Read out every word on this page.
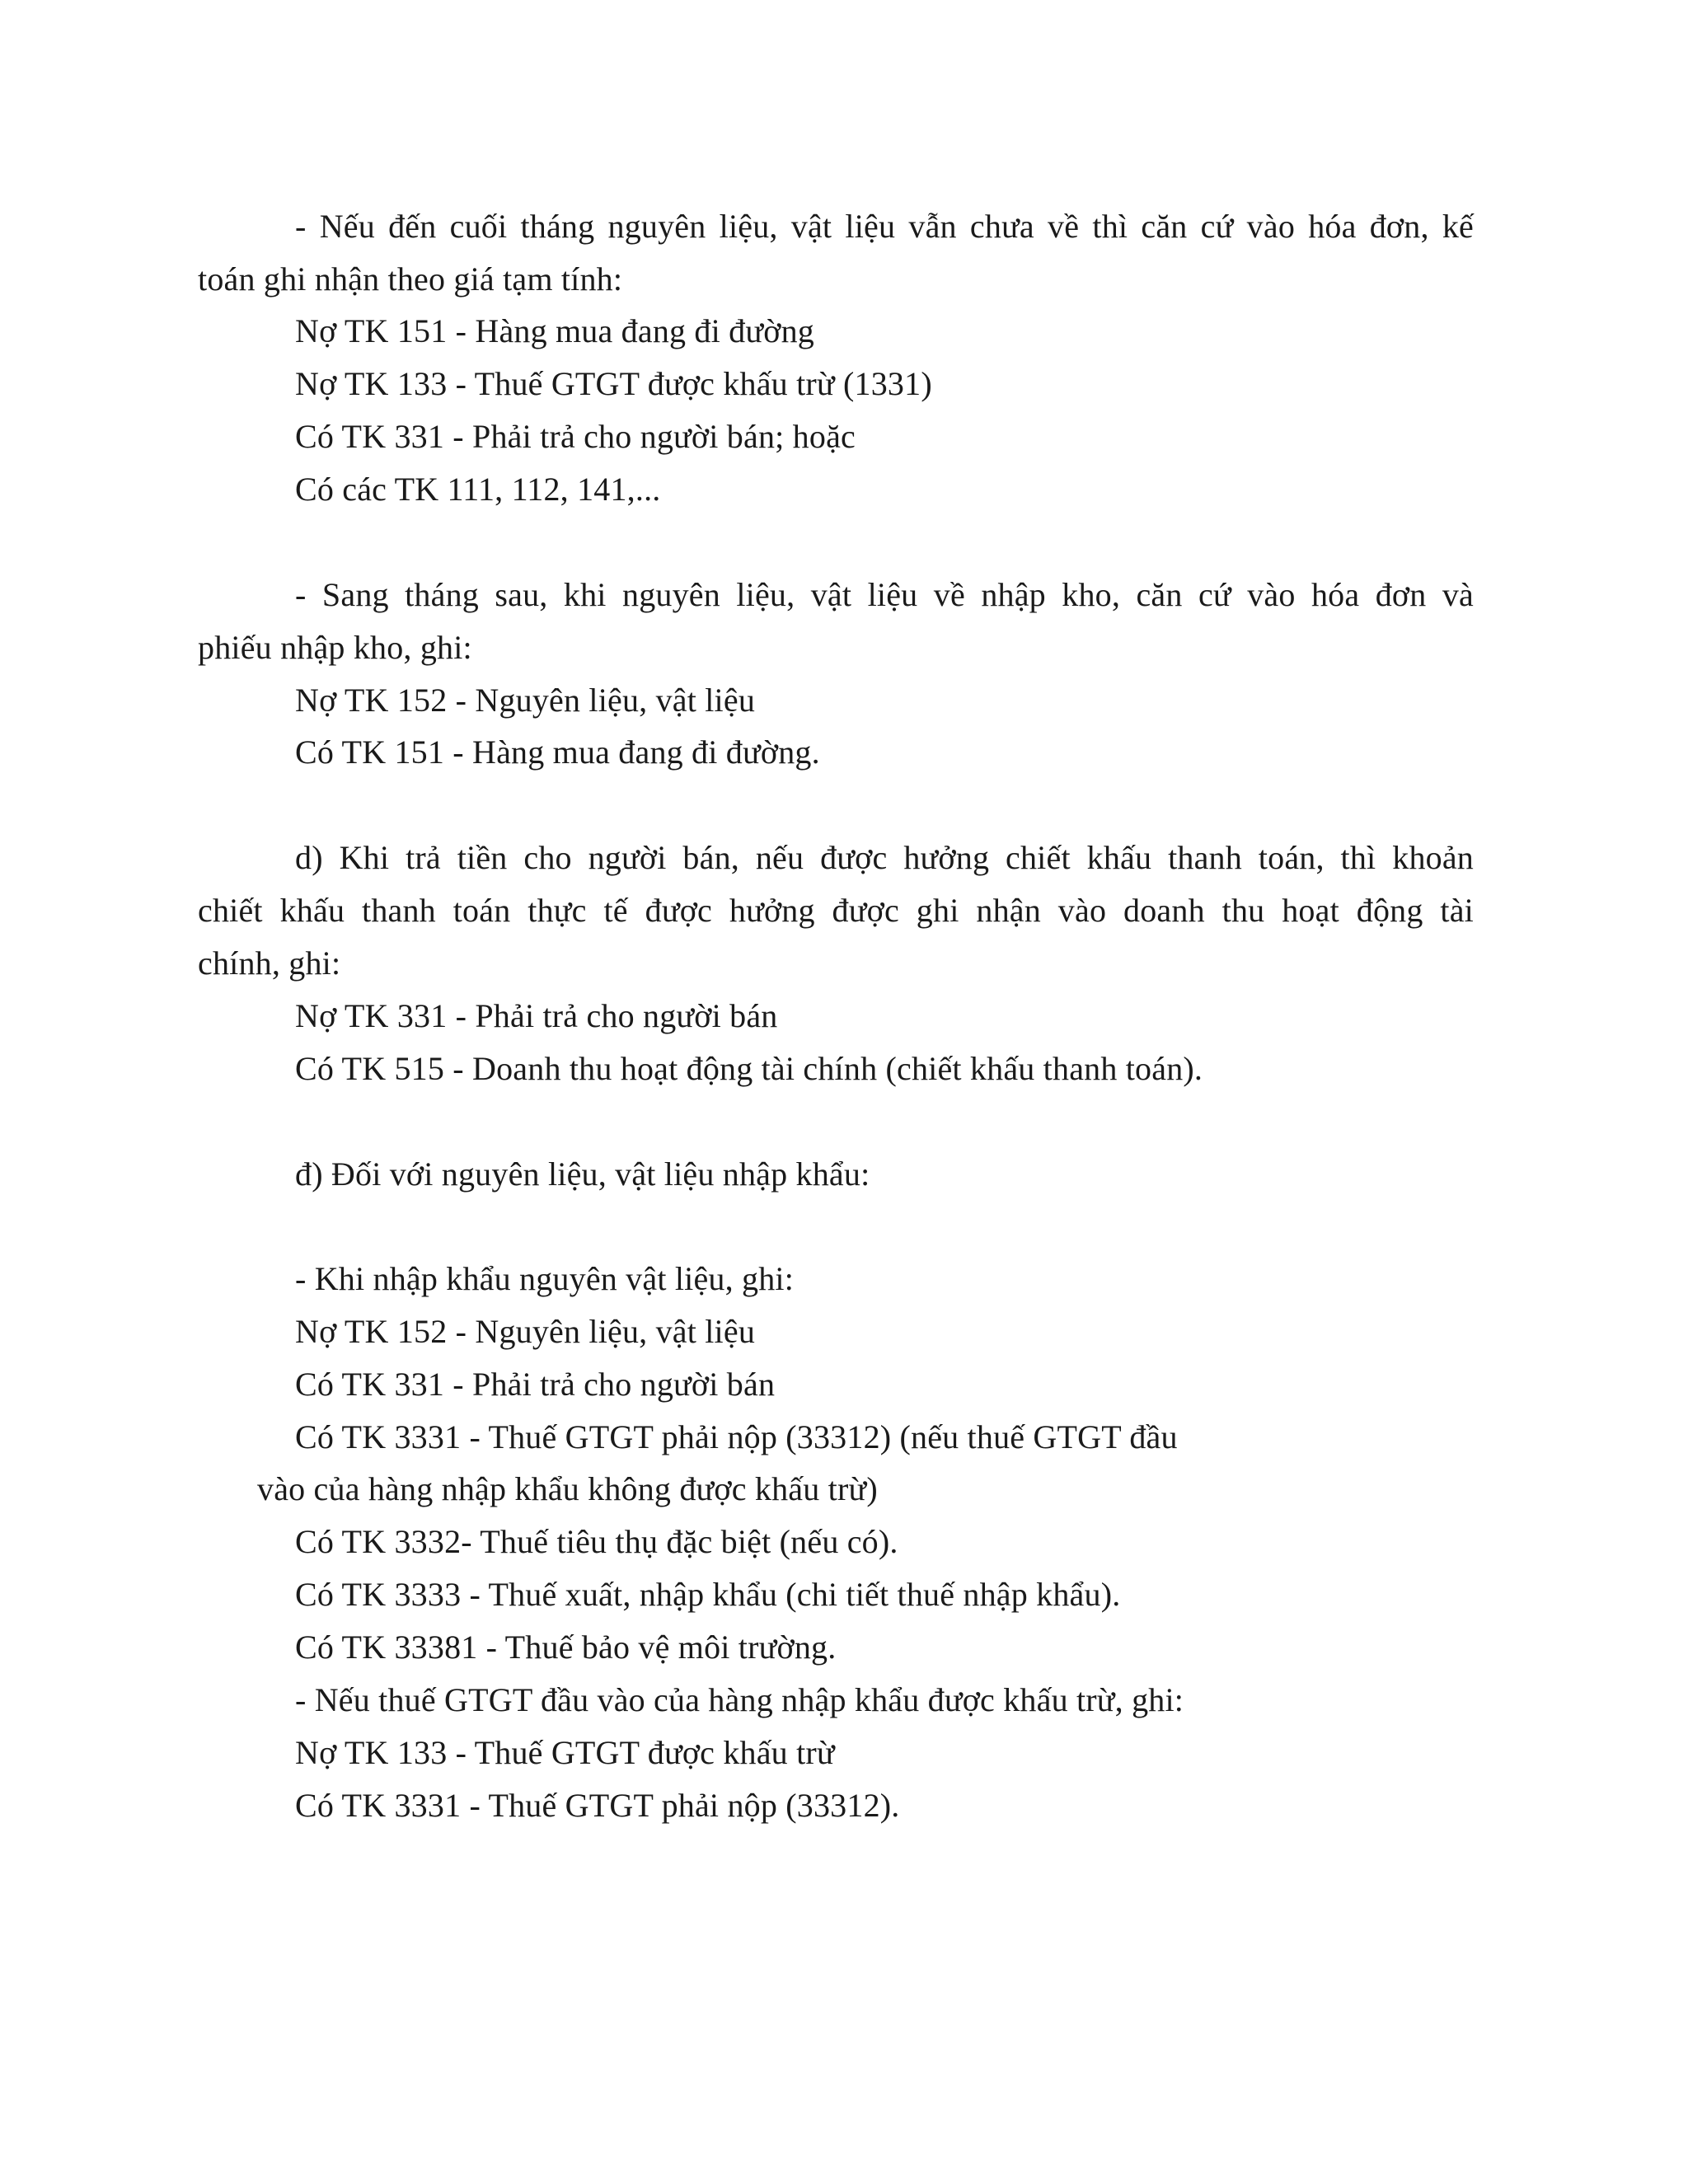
- Nếu đến cuối tháng nguyên liệu, vật liệu vẫn chưa về thì căn cứ vào hóa đơn, kế
toán ghi nhận theo giá tạm tính:
Nợ TK 151 - Hàng mua đang đi đường
Nợ TK 133 - Thuế GTGT được khấu trừ (1331)
Có TK 331 - Phải trả cho người bán; hoặc
Có các TK 111, 112, 141,...
- Sang tháng sau, khi nguyên liệu, vật liệu về nhập kho, căn cứ vào hóa đơn và
phiếu nhập kho, ghi:
Nợ TK 152 - Nguyên liệu, vật liệu
Có TK 151 - Hàng mua đang đi đường.
d) Khi trả tiền cho người bán, nếu được hưởng chiết khấu thanh toán, thì khoản
chiết khấu thanh toán thực tế được hưởng được ghi nhận vào doanh thu hoạt động tài
chính, ghi:
Nợ TK 331 - Phải trả cho người bán
Có TK 515 - Doanh thu hoạt động tài chính (chiết khấu thanh toán).
đ) Đối với nguyên liệu, vật liệu nhập khẩu:
- Khi nhập khẩu nguyên vật liệu, ghi:
Nợ TK 152 - Nguyên liệu, vật liệu
Có TK 331 - Phải trả cho người bán
Có TK 3331 - Thuế GTGT phải nộp (33312) (nếu thuế GTGT đầu
vào của hàng nhập khẩu không được khấu trừ)
Có TK 3332- Thuế tiêu thụ đặc biệt (nếu có).
Có TK 3333 - Thuế xuất, nhập khẩu (chi tiết thuế nhập khẩu).
Có TK 33381 - Thuế bảo vệ môi trường.
- Nếu thuế GTGT đầu vào của hàng nhập khẩu được khấu trừ, ghi:
Nợ TK 133 - Thuế GTGT được khấu trừ
Có TK 3331 - Thuế GTGT phải nộp (33312).
